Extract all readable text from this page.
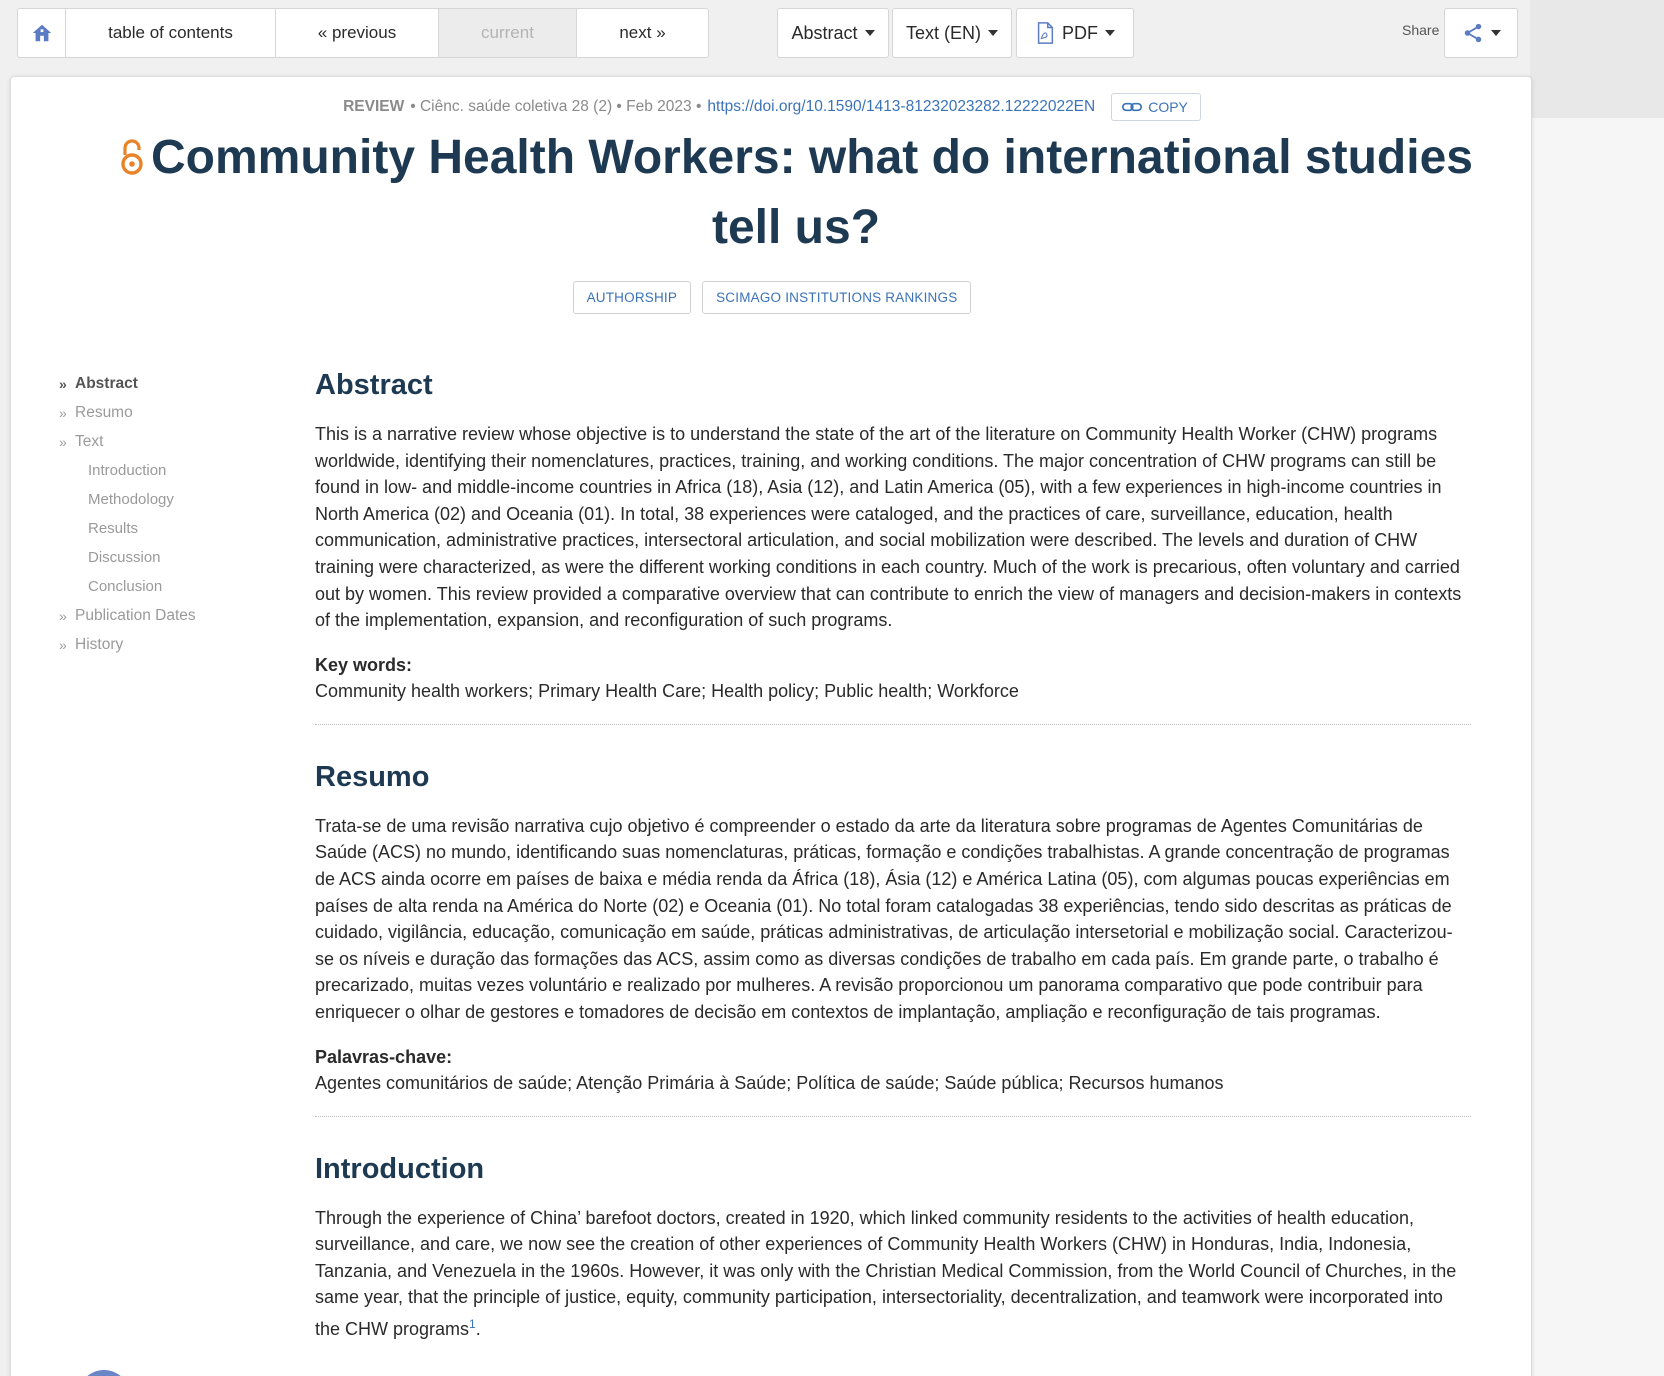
table of contents	« previous	current	next »	Abstract	Text (EN)	PDF	Share
REVIEW • Ciênc. saúde coletiva 28 (2) • Feb 2023 • https://doi.org/10.1590/1413-81232023282.12222022EN	COPY
Community Health Workers: what do international studies tell us?
AUTHORSHIP	SCIMAGO INSTITUTIONS RANKINGS
» Abstract
» Resumo
» Text
Introduction
Methodology
Results
Discussion
Conclusion
» Publication Dates
» History
Abstract

This is a narrative review whose objective is to understand the state of the art of the literature on Community Health Worker (CHW) programs worldwide, identifying their nomenclatures, practices, training, and working conditions. The major concentration of CHW programs can still be found in low- and middle-income countries in Africa (18), Asia (12), and Latin America (05), with a few experiences in high-income countries in North America (02) and Oceania (01). In total, 38 experiences were cataloged, and the practices of care, surveillance, education, health communication, administrative practices, intersectoral articulation, and social mobilization were described. The levels and duration of CHW training were characterized, as were the different working conditions in each country. Much of the work is precarious, often voluntary and carried out by women. This review provided a comparative overview that can contribute to enrich the view of managers and decision-makers in contexts of the implementation, expansion, and reconfiguration of such programs.

Key words:
Community health workers; Primary Health Care; Health policy; Public health; Workforce
Resumo

Trata-se de uma revisão narrativa cujo objetivo é compreender o estado da arte da literatura sobre programas de Agentes Comunitárias de Saúde (ACS) no mundo, identificando suas nomenclaturas, práticas, formação e condições trabalhistas. A grande concentração de programas de ACS ainda ocorre em países de baixa e média renda da África (18), Ásia (12) e América Latina (05), com algumas poucas experiências em países de alta renda na América do Norte (02) e Oceania (01). No total foram catalogadas 38 experiências, tendo sido descritas as práticas de cuidado, vigilância, educação, comunicação em saúde, práticas administrativas, de articulação intersetorial e mobilização social. Caracterizou-se os níveis e duração das formações das ACS, assim como as diversas condições de trabalho em cada país. Em grande parte, o trabalho é precarizado, muitas vezes voluntário e realizado por mulheres. A revisão proporcionou um panorama comparativo que pode contribuir para enriquecer o olhar de gestores e tomadores de decisão em contextos de implantação, ampliação e reconfiguração de tais programas.

Palavras-chave:
Agentes comunitários de saúde; Atenção Primária à Saúde; Política de saúde; Saúde pública; Recursos humanos
Introduction

Through the experience of China’ barefoot doctors, created in 1920, which linked community residents to the activities of health education, surveillance, and care, we now see the creation of other experiences of Community Health Workers (CHW) in Honduras, India, Indonesia, Tanzania, and Venezuela in the 1960s. However, it was only with the Christian Medical Commission, from the World Council of Churches, in the same year, that the principle of justice, equity, community participation, intersectoriality, decentralization, and teamwork were incorporated into the CHW programs$^1$.
